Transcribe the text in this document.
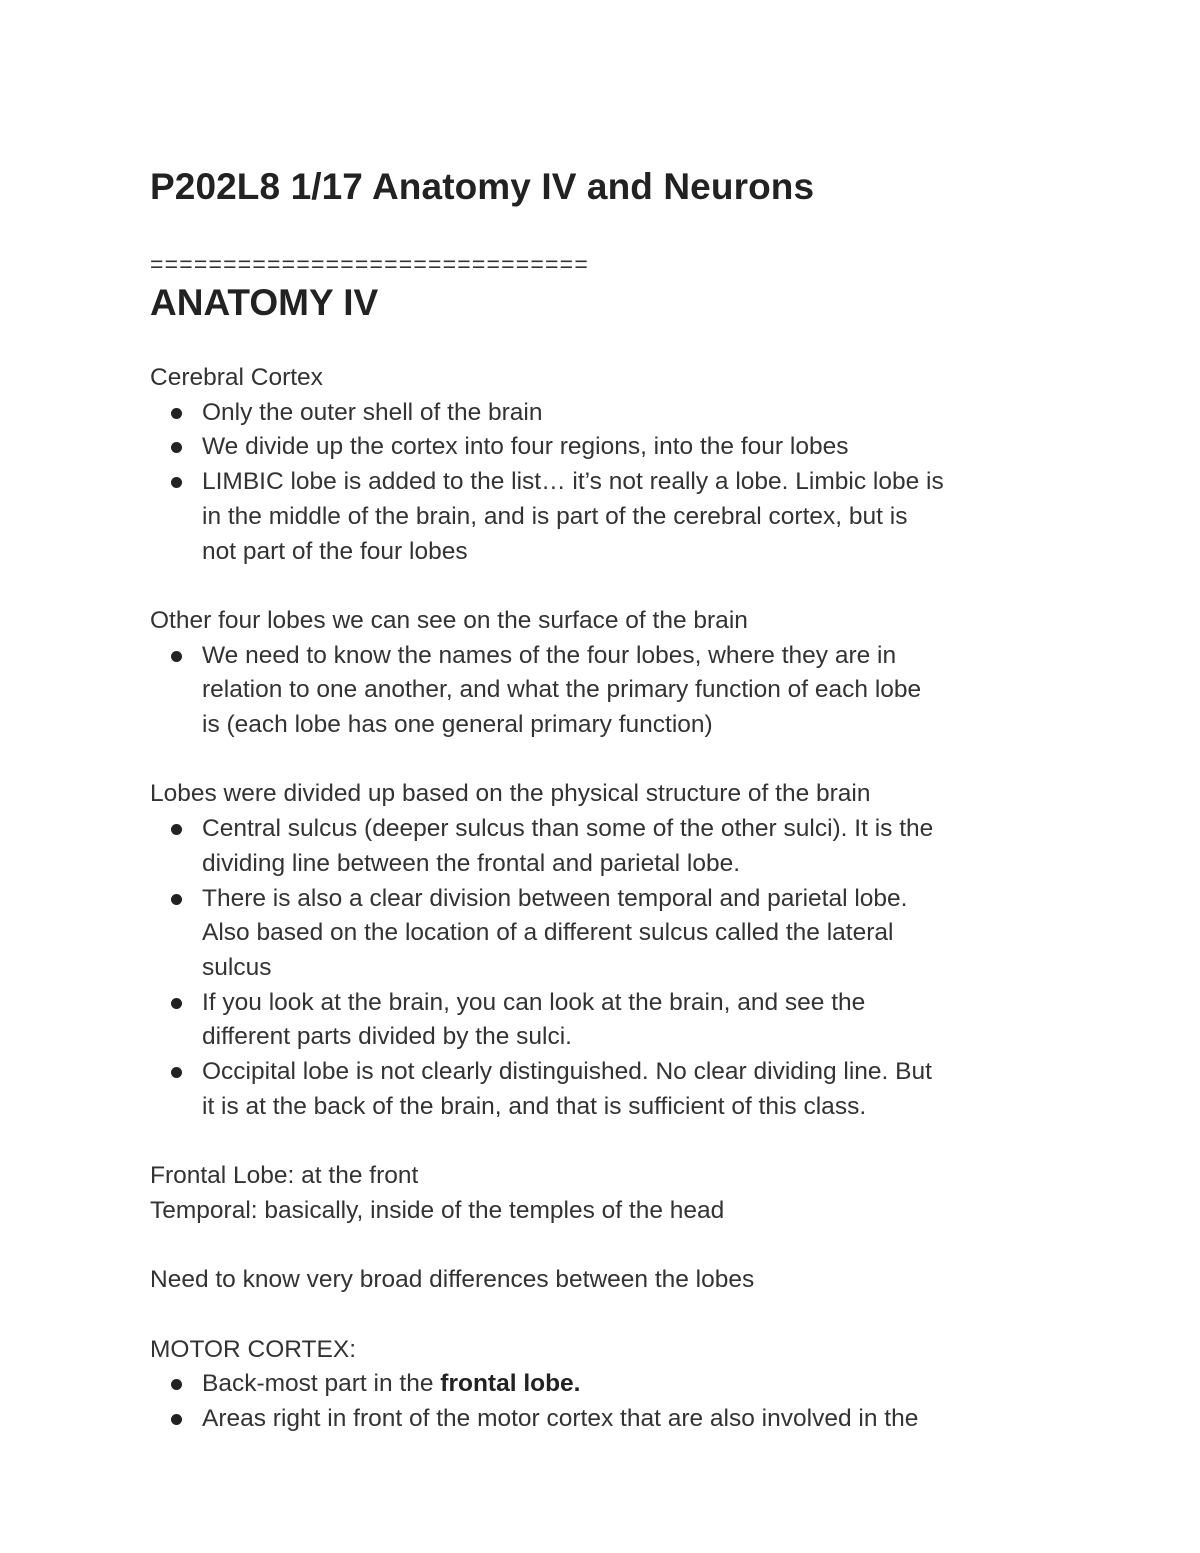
P202L8 1/17 Anatomy IV and Neurons
==============================
ANATOMY IV

Cerebral Cortex

Only the outer shell of the brain
We divide up the cortex into four regions, into the four lobes
LIMBIC lobe is added to the list… it’s not really a lobe. Limbic lobe is
in the middle of the brain, and is part of the cerebral cortex, but is
not part of the four lobes

Other four lobes we can see on the surface of the brain

We need to know the names of the four lobes, where they are in
relation to one another, and what the primary function of each lobe
is (each lobe has one general primary function)

Lobes were divided up based on the physical structure of the brain

Central sulcus (deeper sulcus than some of the other sulci). It is the
dividing line between the frontal and parietal lobe.
There is also a clear division between temporal and parietal lobe.
Also based on the location of a different sulcus called the lateral
sulcus
If you look at the brain, you can look at the brain, and see the
different parts divided by the sulci.
Occipital lobe is not clearly distinguished. No clear dividing line. But
it is at the back of the brain, and that is sufficient of this class.

Frontal Lobe: at the front

Temporal: basically, inside of the temples of the head

Need to know very broad differences between the lobes

MOTOR CORTEX:

Back-most part in the frontal lobe.
Areas right in front of the motor cortex that are also involved in the
